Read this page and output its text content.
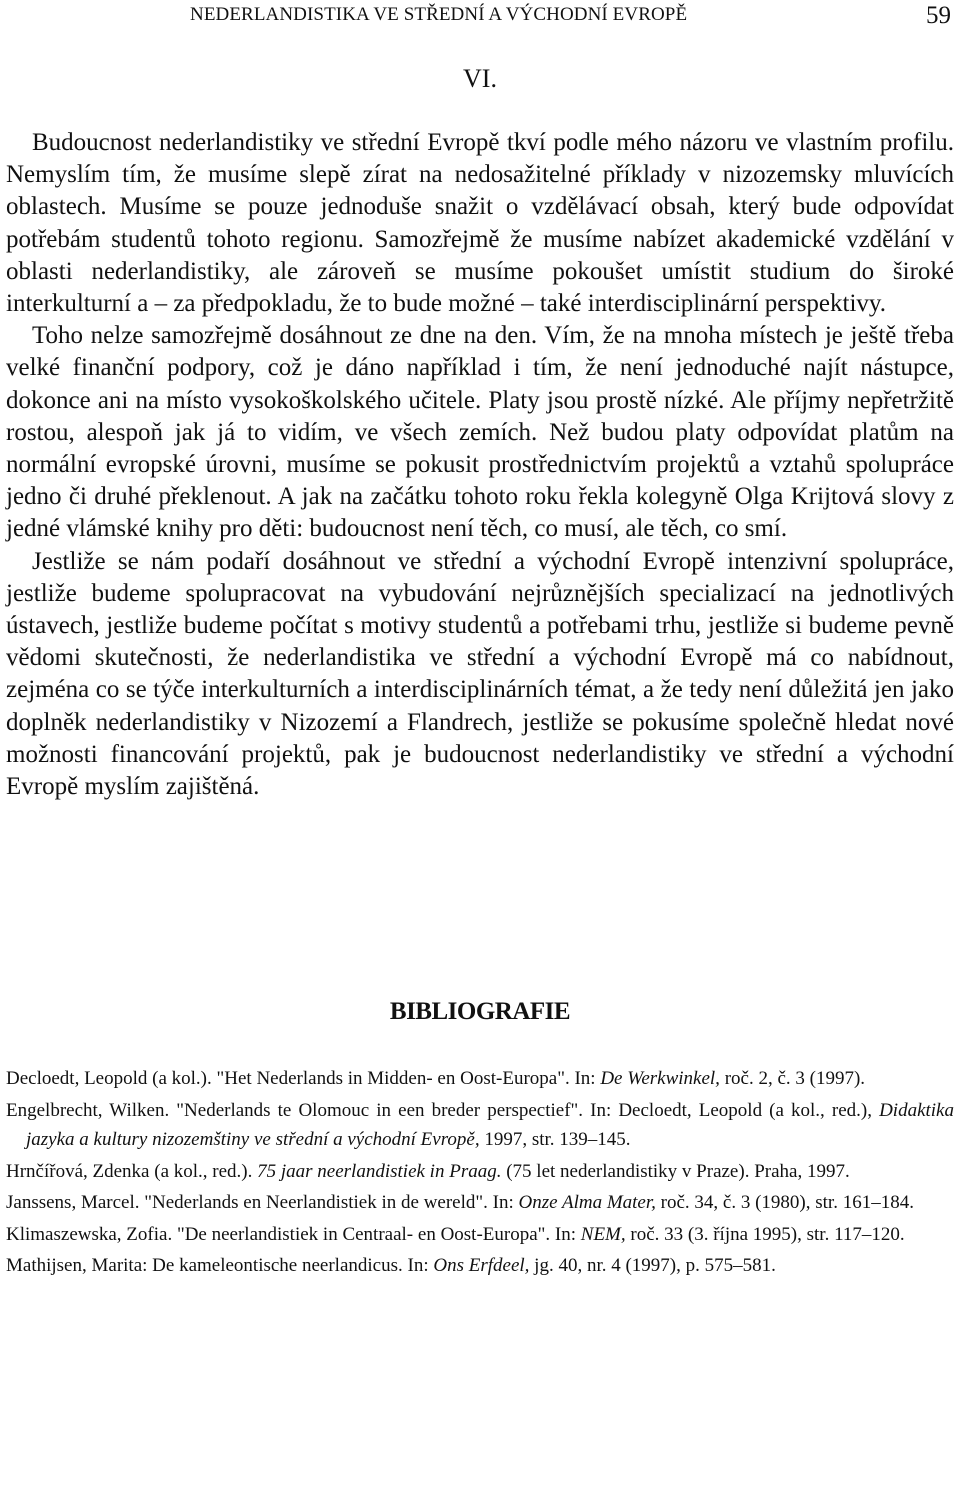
NEDERLANDISTIKA VE STŘEDNÍ A VÝCHODNÍ EVROPĚ	59
VI.

Budoucnost nederlandistiky ve střední Evropě tkví podle mého názoru ve vlastním profilu. Nemyslím tím, že musíme slepě zírat na nedosažitelné příklady v nizozemsky mluvících oblastech. Musíme se pouze jednoduše snažit o vzdělávací obsah, který bude odpovídat potřebám studentů tohoto regionu. Samozřejmě že musíme nabízet akademické vzdělání v oblasti nederlandistiky, ale zároveň se musíme pokoušet umístit studium do široké interkulturní a – za předpokladu, že to bude možné – také interdisciplinární perspektivy.

Toho nelze samozřejmě dosáhnout ze dne na den. Vím, že na mnoha místech je ještě třeba velké finanční podpory, což je dáno například i tím, že není jednoduché najít nástupce, dokonce ani na místo vysokoškolského učitele. Platy jsou prostě nízké. Ale příjmy nepřetržitě rostou, alespoň jak já to vidím, ve všech zemích. Než budou platy odpovídat platům na normální evropské úrovni, musíme se pokusit prostřednictvím projektů a vztahů spolupráce jedno či druhé překlenout. A jak na začátku tohoto roku řekla kolegyně Olga Krijtová slovy z jedné vlámské knihy pro děti: budoucnost není těch, co musí, ale těch, co smí.

Jestliže se nám podaří dosáhnout ve střední a východní Evropě intenzivní spolupráce, jestliže budeme spolupracovat na vybudování nejrůznějších specializací na jednotlivých ústavech, jestliže budeme počítat s motivy studentů a potřebami trhu, jestliže si budeme pevně vědomi skutečnosti, že nederlandistika ve střední a východní Evropě má co nabídnout, zejména co se týče interkulturních a interdisciplinárních témat, a že tedy není důležitá jen jako doplněk nederlandistiky v Nizozemí a Flandrech, jestliže se pokusíme společně hledat nové možnosti financování projektů, pak je budoucnost nederlandistiky ve střední a východní Evropě myslím zajištěná.

BIBLIOGRAFIE
Decloedt, Leopold (a kol.). "Het Nederlands in Midden- en Oost-Europa". In: De Werkwinkel, roč. 2, č. 3 (1997).
Engelbrecht, Wilken. "Nederlands te Olomouc in een breder perspectief". In: Decloedt, Leopold (a kol., red.), Didaktika jazyka a kultury nizozemštiny ve střední a východní Evropě, 1997, str. 139–145.
Hrnčířová, Zdenka (a kol., red.). 75 jaar neerlandistiek in Praag. (75 let nederlandistiky v Praze). Praha, 1997.
Janssens, Marcel. "Nederlands en Neerlandistiek in de wereld". In: Onze Alma Mater, roč. 34, č. 3 (1980), str. 161–184.
Klimaszewska, Zofia. "De neerlandistiek in Centraal- en Oost-Europa". In: NEM, roč. 33 (3. října 1995), str. 117–120.
Mathijsen, Marita: De kameleontische neerlandicus. In: Ons Erfdeel, jg. 40, nr. 4 (1997), p. 575–581.
